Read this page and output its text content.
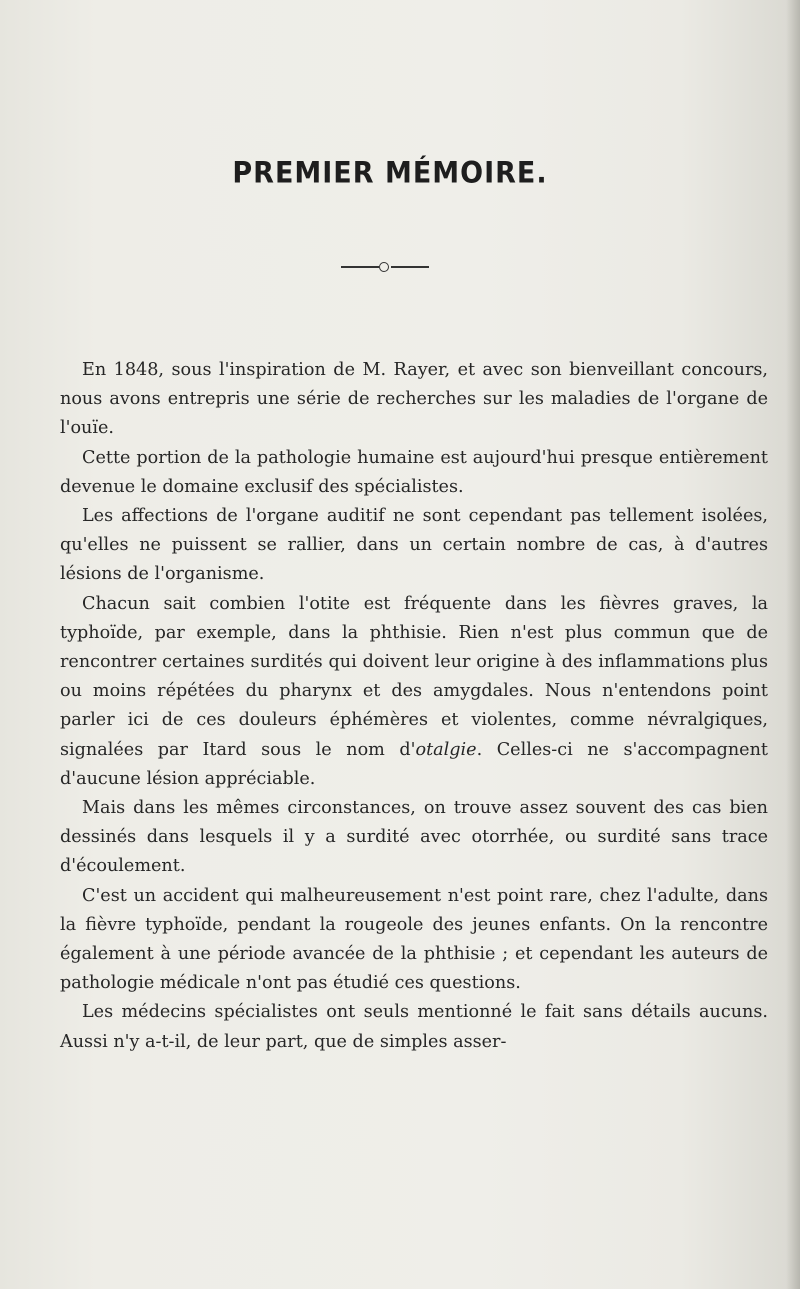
PREMIER MÉMOIRE.

En 1848, sous l'inspiration de M. Rayer, et avec son bienveillant concours, nous avons entrepris une série de recherches sur les maladies de l'organe de l'ouïe.

Cette portion de la pathologie humaine est aujourd'hui presque entièrement devenue le domaine exclusif des spécialistes.

Les affections de l'organe auditif ne sont cependant pas tellement isolées, qu'elles ne puissent se rallier, dans un certain nombre de cas, à d'autres lésions de l'organisme.

Chacun sait combien l'otite est fréquente dans les fièvres graves, la typhoïde, par exemple, dans la phthisie. Rien n'est plus commun que de rencontrer certaines surdités qui doivent leur origine à des inflammations plus ou moins répétées du pharynx et des amygdales. Nous n'entendons point parler ici de ces douleurs éphémères et violentes, comme névralgiques, signalées par Itard sous le nom d'otalgie. Celles-ci ne s'accompagnent d'aucune lésion appréciable.

Mais dans les mêmes circonstances, on trouve assez souvent des cas bien dessinés dans lesquels il y a surdité avec otorrhée, ou surdité sans trace d'écoulement.

C'est un accident qui malheureusement n'est point rare, chez l'adulte, dans la fièvre typhoïde, pendant la rougeole des jeunes enfants. On la rencontre également à une période avancée de la phthisie ; et cependant les auteurs de pathologie médicale n'ont pas étudié ces questions.

Les médecins spécialistes ont seuls mentionné le fait sans détails aucuns. Aussi n'y a-t-il, de leur part, que de simples asser-
